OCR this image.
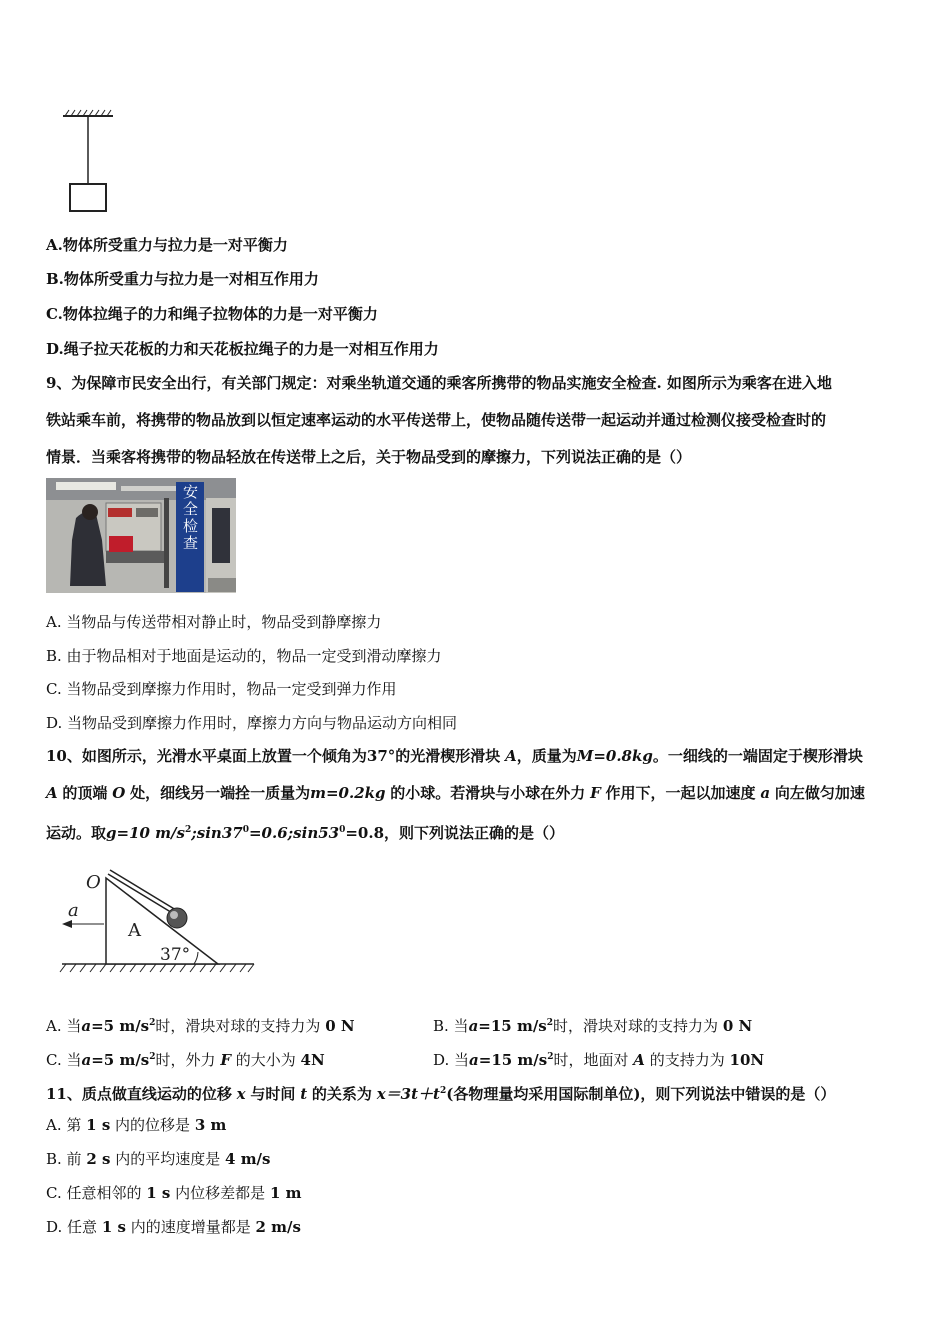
A.物体所受重力与拉力是一对平衡力
B.物体所受重力与拉力是一对相互作用力
C.物体拉绳子的力和绳子拉物体的力是一对平衡力
D.绳子拉天花板的力和天花板拉绳子的力是一对相互作用力
9、为保障市民安全出行，有关部门规定：对乘坐轨道交通的乘客所携带的物品实施安全检查. 如图所示为乘客在进入地
铁站乘车前，将携带的物品放到以恒定速率运动的水平传送带上，使物品随传送带一起运动并通过检测仪接受检查时的
情景．当乘客将携带的物品轻放在传送带上之后，关于物品受到的摩擦力，下列说法正确的是（）
安全检查
A. 当物品与传送带相对静止时，物品受到静摩擦力
B. 由于物品相对于地面是运动的，物品一定受到滑动摩擦力
C. 当物品受到摩擦力作用时，物品一定受到弹力作用
D. 当物品受到摩擦力作用时，摩擦力方向与物品运动方向相同
10、如图所示，光滑水平桌面上放置一个倾角为37°的光滑楔形滑块 A，质量为M=0.8kg。一细线的一端固定于楔形滑块
A 的顶端 O 处，细线另一端拴一质量为m=0.2kg 的小球。若滑块与小球在外力 F 作用下，一起以加速度 a 向左做匀加速
运动。取g=10 $m/s^2;\sin 37^0=0.6;\sin 53^0=0.8$，则下列说法正确的是（）
O
a
A
37°
A. 当a=5 $m/s^2$时，滑块对球的支持力为 0 N	B. 当a=15 $m/s^2$时，滑块对球的支持力为 0 N
C. 当a=5 $m/s^2$时，外力 F 的大小为 4N	D. 当a=15 $m/s^2$时，地面对 A 的支持力为 10N
11、质点做直线运动的位移 x 与时间 t 的关系为 $x=3t+t^2$(各物理量均采用国际制单位)，则下列说法中错误的是（）
A. 第 1 s 内的位移是 3 m
B. 前 2 s 内的平均速度是 4 m/s
C. 任意相邻的 1 s 内位移差都是 1 m
D. 任意 1 s 内的速度增量都是 2 m/s
